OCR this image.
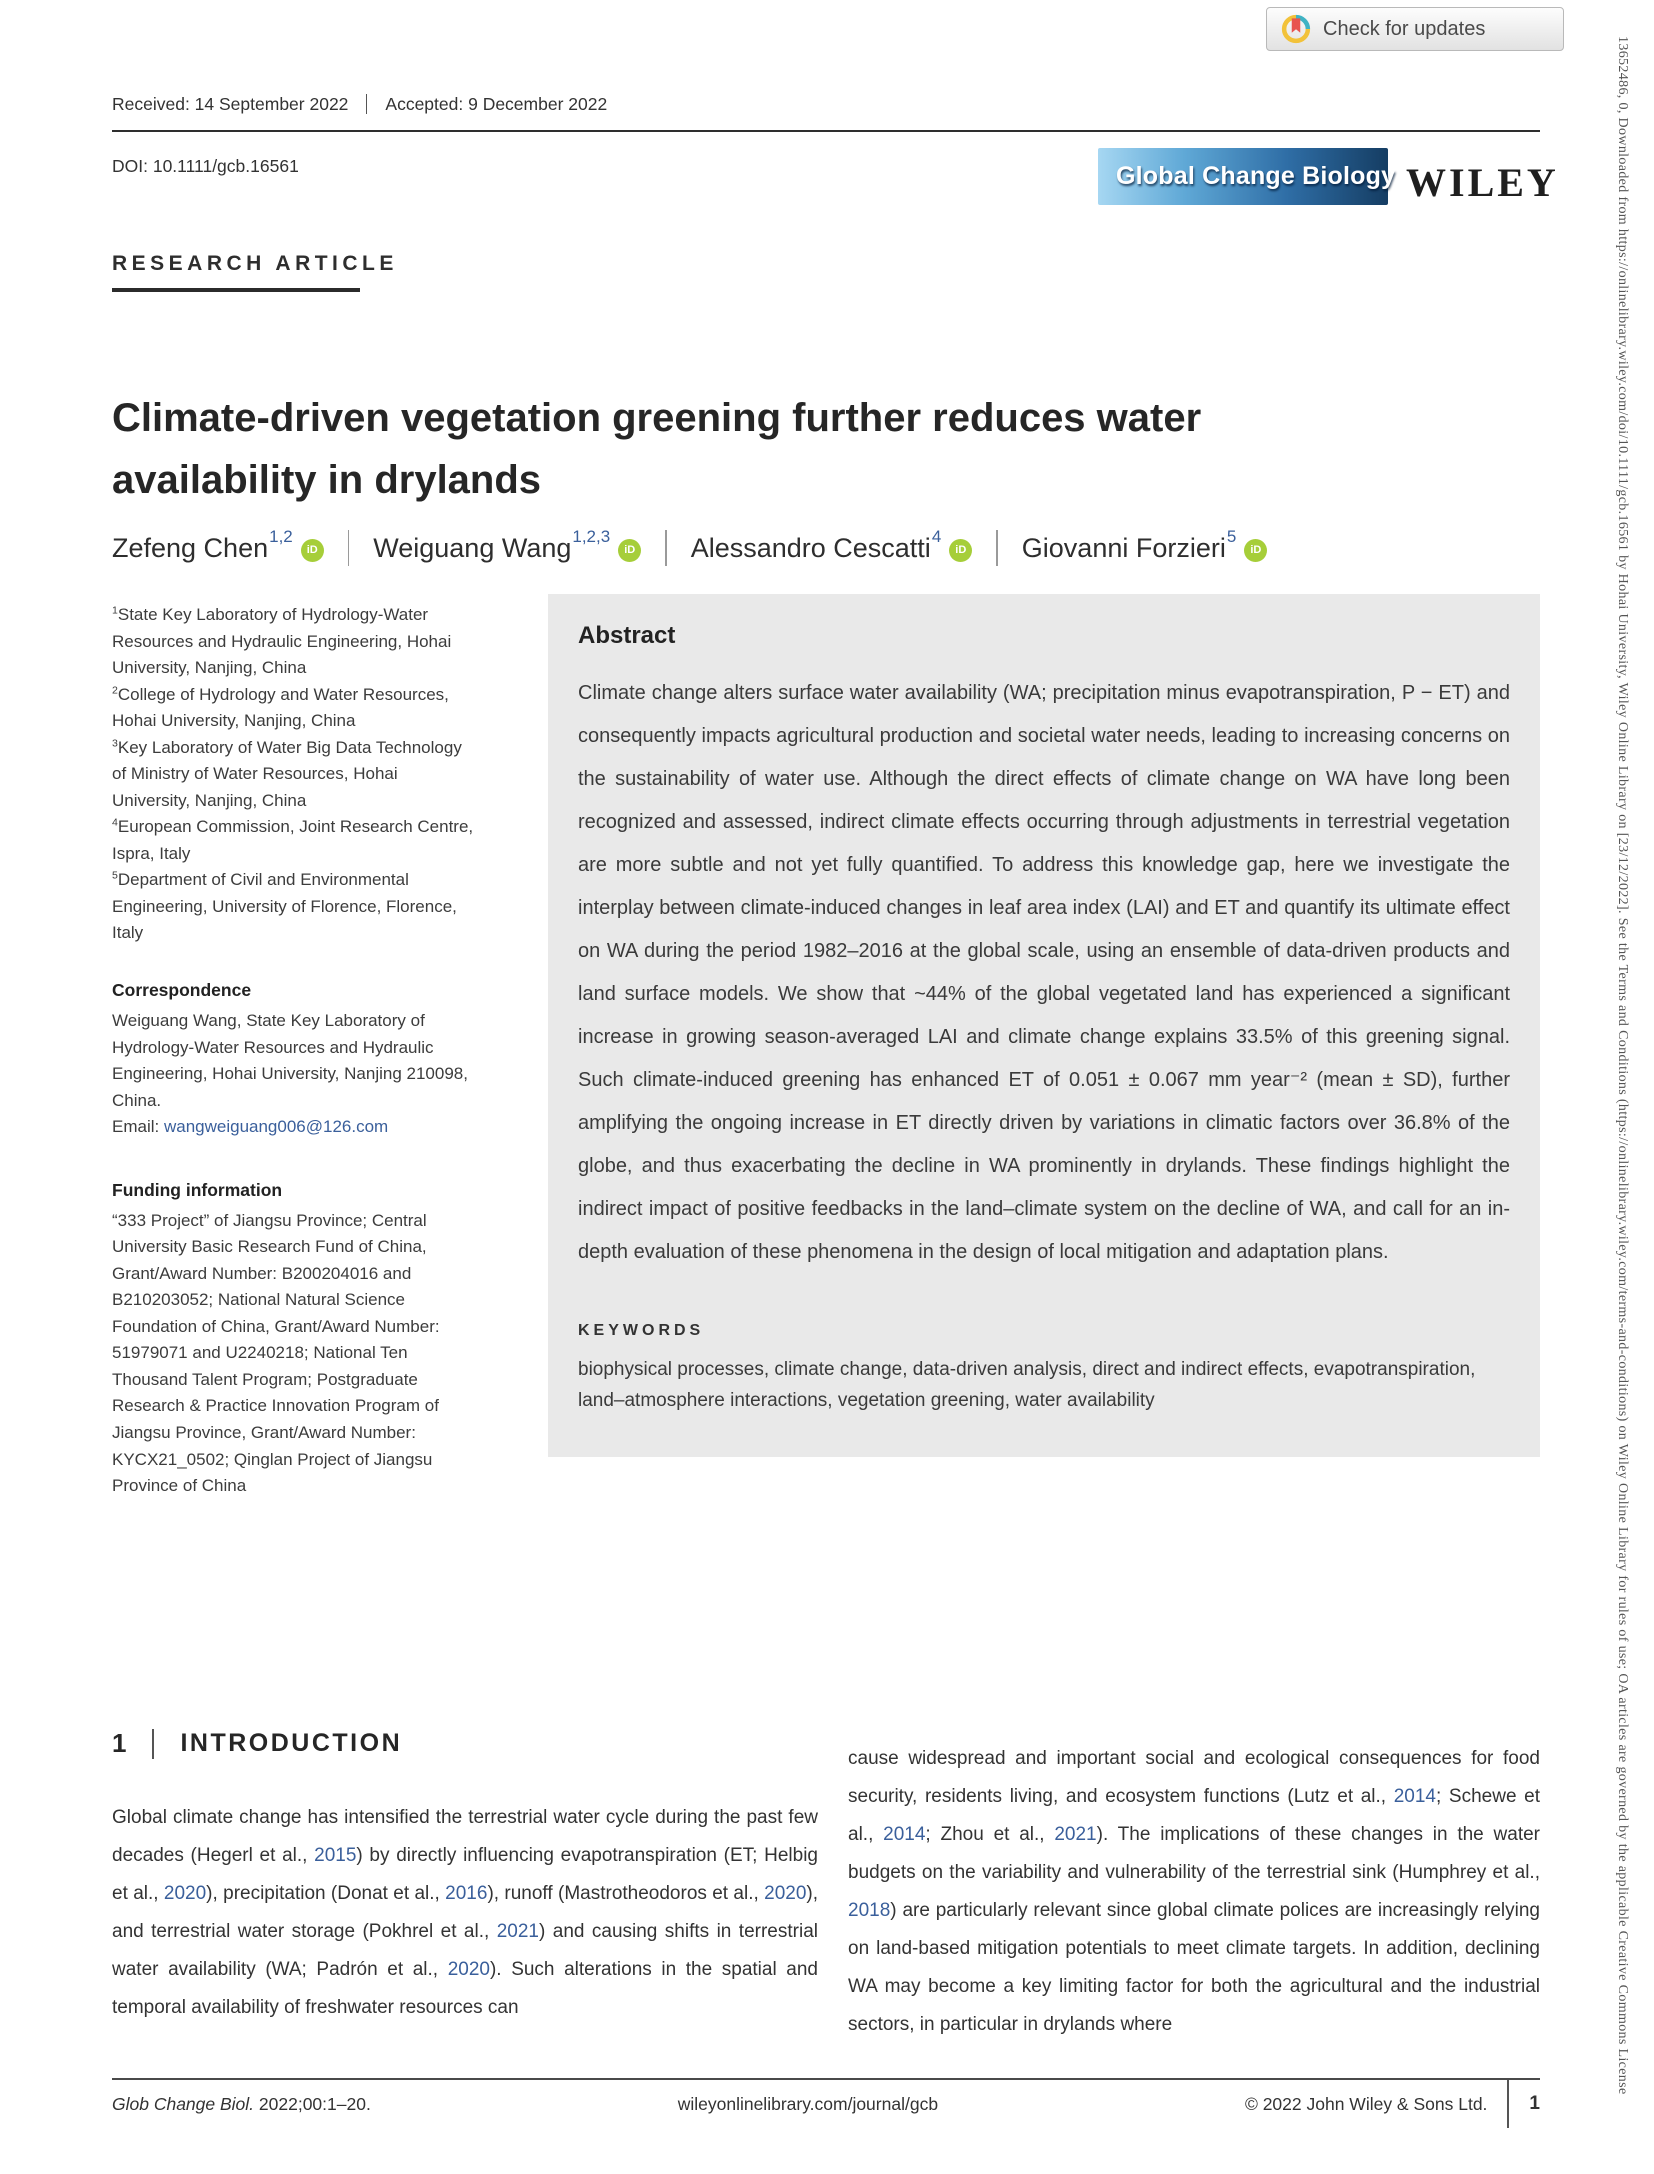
Check for updates
Received: 14 September 2022 Accepted: 9 December 2022
DOI: 10.1111/gcb.16561	Global Change Biology WILEY
RESEARCH ARTICLE
Climate-driven vegetation greening further reduces water availability in drylands
Zefeng Chen 1,2
iD Weiguang Wang 1,2,3
iD Alessandro Cescatti 4
iD Giovanni Forzieri 5
iD

$^1$State Key Laboratory of Hydrology-Water Resources and Hydraulic Engineering, Hohai University, Nanjing, China

$^2$College of Hydrology and Water Resources, Hohai University, Nanjing, China

$^3$Key Laboratory of Water Big Data Technology of Ministry of Water Resources, Hohai University, Nanjing, China

$^4$European Commission, Joint Research Centre, Ispra, Italy

$^5$Department of Civil and Environmental Engineering, University of Florence, Florence, Italy

Correspondence

Weiguang Wang, State Key Laboratory of Hydrology-Water Resources and Hydraulic Engineering, Hohai University, Nanjing 210098, China.
Email: wangweiguang006@126.com

Funding information

“333 Project” of Jiangsu Province; Central University Basic Research Fund of China, Grant/Award Number: B200204016 and B210203052; National Natural Science Foundation of China, Grant/Award Number: 51979071 and U2240218; National Ten Thousand Talent Program; Postgraduate Research & Practice Innovation Program of Jiangsu Province, Grant/Award Number: KYCX21_0502; Qinglan Project of Jiangsu Province of China

Abstract

Climate change alters surface water availability (WA; precipitation minus evapotranspiration, P − ET) and consequently impacts agricultural production and societal water needs, leading to increasing concerns on the sustainability of water use. Although the direct effects of climate change on WA have long been recognized and assessed, indirect climate effects occurring through adjustments in terrestrial vegetation are more subtle and not yet fully quantified. To address this knowledge gap, here we investigate the interplay between climate-induced changes in leaf area index (LAI) and ET and quantify its ultimate effect on WA during the period 1982–2016 at the global scale, using an ensemble of data-driven products and land surface models. We show that ~44% of the global vegetated land has experienced a significant increase in growing season-averaged LAI and climate change explains 33.5% of this greening signal. Such climate-induced greening has enhanced ET of 0.051 ± 0.067 mm year⁻² (mean ± SD), further amplifying the ongoing increase in ET directly driven by variations in climatic factors over 36.8% of the globe, and thus exacerbating the decline in WA prominently in drylands. These findings highlight the indirect impact of positive feedbacks in the land–climate system on the decline of WA, and call for an in-depth evaluation of these phenomena in the design of local mitigation and adaptation plans.

KEYWORDS

biophysical processes, climate change, data-driven analysis, direct and indirect effects, evapotranspiration, land–atmosphere interactions, vegetation greening, water availability

1 INTRODUCTION

Global climate change has intensified the terrestrial water cycle during the past few decades (Hegerl et al., 2015) by directly influencing evapotranspiration (ET; Helbig et al., 2020), precipitation (Donat et al., 2016), runoff (Mastrotheodoros et al., 2020), and terrestrial water storage (Pokhrel et al., 2021) and causing shifts in terrestrial water availability (WA; Padrón et al., 2020). Such alterations in the spatial and temporal availability of freshwater resources can

cause widespread and important social and ecological consequences for food security, residents living, and ecosystem functions (Lutz et al., 2014; Schewe et al., 2014; Zhou et al., 2021). The implications of these changes in the water budgets on the variability and vulnerability of the terrestrial sink (Humphrey et al., 2018) are particularly relevant since global climate polices are increasingly relying on land-based mitigation potentials to meet climate targets. In addition, declining WA may become a key limiting factor for both the agricultural and the industrial sectors, in particular in drylands where

Glob Change Biol. 2022;00:1–20.	wileyonlinelibrary.com/journal/gcb	© 2022 John Wiley & Sons Ltd. 1
13652486, 0, Downloaded from https://onlinelibrary.wiley.com/doi/10.1111/gcb.16561 by Hohai University, Wiley Online Library on [23/12/2022]. See the Terms and Conditions (https://onlinelibrary.wiley.com/terms-and-conditions) on Wiley Online Library for rules of use; OA articles are governed by the applicable Creative Commons License
